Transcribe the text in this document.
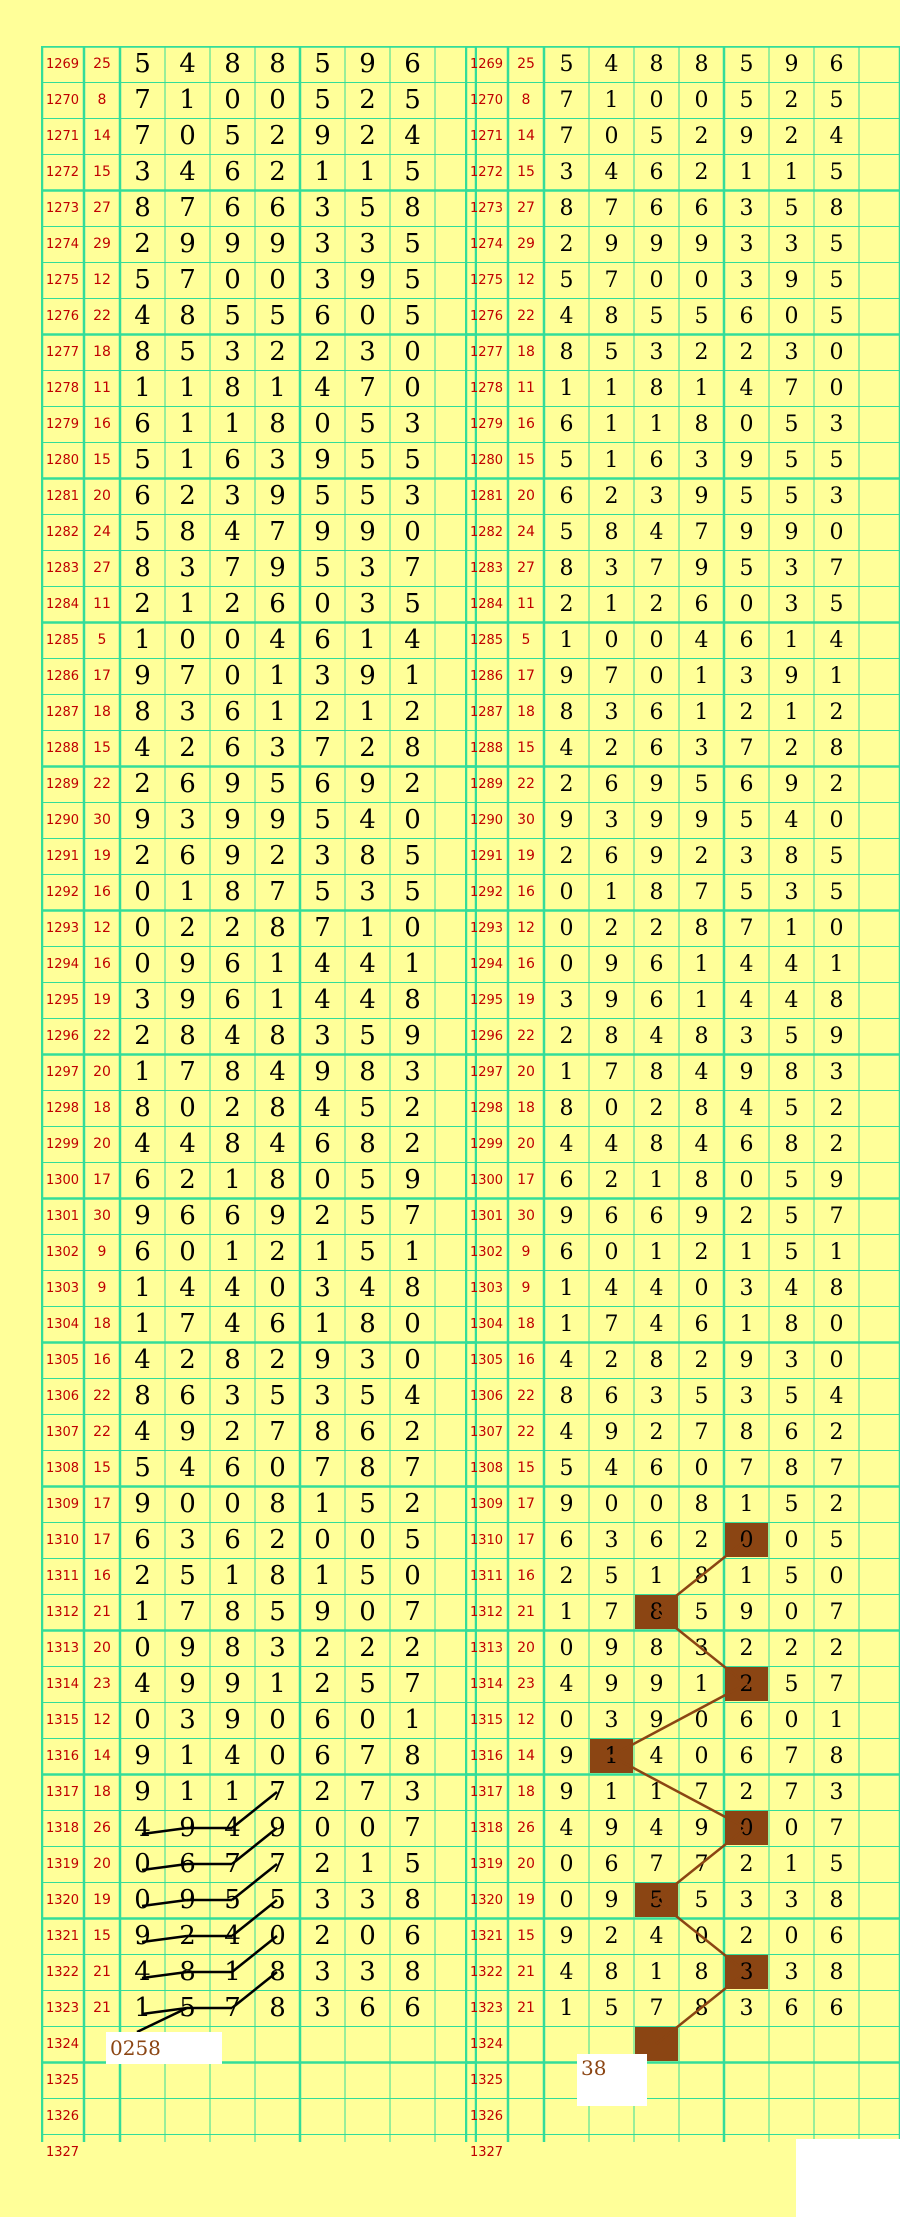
1269	25 5	4	8	8	5	9	6
1270	8	7	1	0	0	5	2	5
1271	14 7	0	5	2	9	2	4
1272	15 3	4	6	2	1	1	5
1273	27 8	7	6	6	3	5	8
1274	29 2	9	9	9	3	3	5
1275	12 5	7	0	0	3	9	5
1276	22 4	8	5	5	6	0	5
1277	18 8	5	3	2	2	3	0
1278	11 1	1	8	1	4	7	0
1279	16 6	1	1	8	0	5	3
1280	15 5	1	6	3	9	5	5
1281	20 6	2	3	9	5	5	3
1282	24 5	8	4	7	9	9	0
1283	27 8	3	7	9	5	3	7
1284	11 2	1	2	6	0	3	5
1285	5	1	0	0	4	6	1	4
1286	17 9	7	0	1	3	9	1
1287	18 8	3	6	1	2	1	2
1288	15 4	2	6	3	7	2	8
1289	22 2	6	9	5	6	9	2
1290	30 9	3	9	9	5	4	0
1291	19 2	6	9	2	3	8	5
1292	16 0	1	8	7	5	3	5
1293	12 0	2	2	8	7	1	0
1294	16 0	9	6	1	4	4	1
1295	19 3	9	6	1	4	4	8
1296	22 2	8	4	8	3	5	9
1297	20 1	7	8	4	9	8	3
1298	18 8	0	2	8	4	5	2
1299	20 4	4	8	4	6	8	2
1300	17 6	2	1	8	0	5	9
1301	30 9	6	6	9	2	5	7
1302	9	6	0	1	2	1	5	1
1303	9	1	4	4	0	3	4	8
1304	18 1	7	4	6	1	8	0
1305	16 4	2	8	2	9	3	0
1306	22 8	6	3	5	3	5	4
1307	22 4	9	2	7	8	6	2
1308	15 5	4	6	0	7	8	7
1309	17 9	0	0	8	1	5	2
1310	17 6	3	6	2	0	0	5
1311	16 2	5	1	8	1	5	0
1312	21 1	7	8	5	9	0	7
1313	20 0	9	8	3	2	2	2
1314	23 4	9	9	1	2	5	7
1315	12 0	3	9	0	6	0	1
1316	14 9	1	4	0	6	7	8
1317	18 9	1	1	7	2	7	3
1318	26 4	9	4	9	0	0	7
1319	20 0	6	7	7	2	1	5
1320	19 0	9	5	5	3	3	8
1321	15 9	2	4	0	2	0	6
1322	21 4	8	1	8	3	3	8
1323	21 1	5	7	8	3	6	6
1324
1325
1326
1327
0258
1269	25	5	4	8	8	5	9	6
1270	8	7	1	0	0	5	2	5
1271	14	7	0	5	2	9	2	4
1272	15	3	4	6	2	1	1	5
1273	27	8	7	6	6	3	5	8
1274	29	2	9	9	9	3	3	5
1275	12	5	7	0	0	3	9	5
1276	22	4	8	5	5	6	0	5
1277	18	8	5	3	2	2	3	0
1278	11	1	1	8	1	4	7	0
1279	16	6	1	1	8	0	5	3
1280	15	5	1	6	3	9	5	5
1281	20	6	2	3	9	5	5	3
1282	24	5	8	4	7	9	9	0
1283	27	8	3	7	9	5	3	7
1284	11	2	1	2	6	0	3	5
1285	5	1	0	0	4	6	1	4
1286	17	9	7	0	1	3	9	1
1287	18	8	3	6	1	2	1	2
1288	15	4	2	6	3	7	2	8
1289	22	2	6	9	5	6	9	2
1290	30	9	3	9	9	5	4	0
1291	19	2	6	9	2	3	8	5
1292	16	0	1	8	7	5	3	5
1293	12	0	2	2	8	7	1	0
1294	16	0	9	6	1	4	4	1
1295	19	3	9	6	1	4	4	8
1296	22	2	8	4	8	3	5	9
1297	20	1	7	8	4	9	8	3
1298	18	8	0	2	8	4	5	2
1299	20	4	4	8	4	6	8	2
1300	17	6	2	1	8	0	5	9
1301	30	9	6	6	9	2	5	7
1302	9	6	0	1	2	1	5	1
1303	9	1	4	4	0	3	4	8
1304	18	1	7	4	6	1	8	0
1305	16	4	2	8	2	9	3	0
1306	22	8	6	3	5	3	5	4
1307	22	4	9	2	7	8	6	2
1308	15	5	4	6	0	7	8	7
1309	17	9	0	0	8	1	5	2
1310	17	6	3	6	2	0	0	5
1311	16	2	5	1	8	1	5	0
1312	21	1	7	8	5	9	0	7
1313	20	0	9	8	3	2	2	2
1314	23	4	9	9	1	2	5	7
1315	12	0	3	9	0	6	0	1
1316	14	9	1	4	0	6	7	8
1317	18	9	1	1	7	2	7	3
1318	26	4	9	4	9	0	0	7
1319	20	0	6	7	7	2	1	5
1320	19	0	9	5	5	3	3	8
1321	15	9	2	4	0	2	0	6
1322	21	4	8	1	8	3	3	8
1323	21	1	5	7	8	3	6	6
1324
1325
1326
1327
38
